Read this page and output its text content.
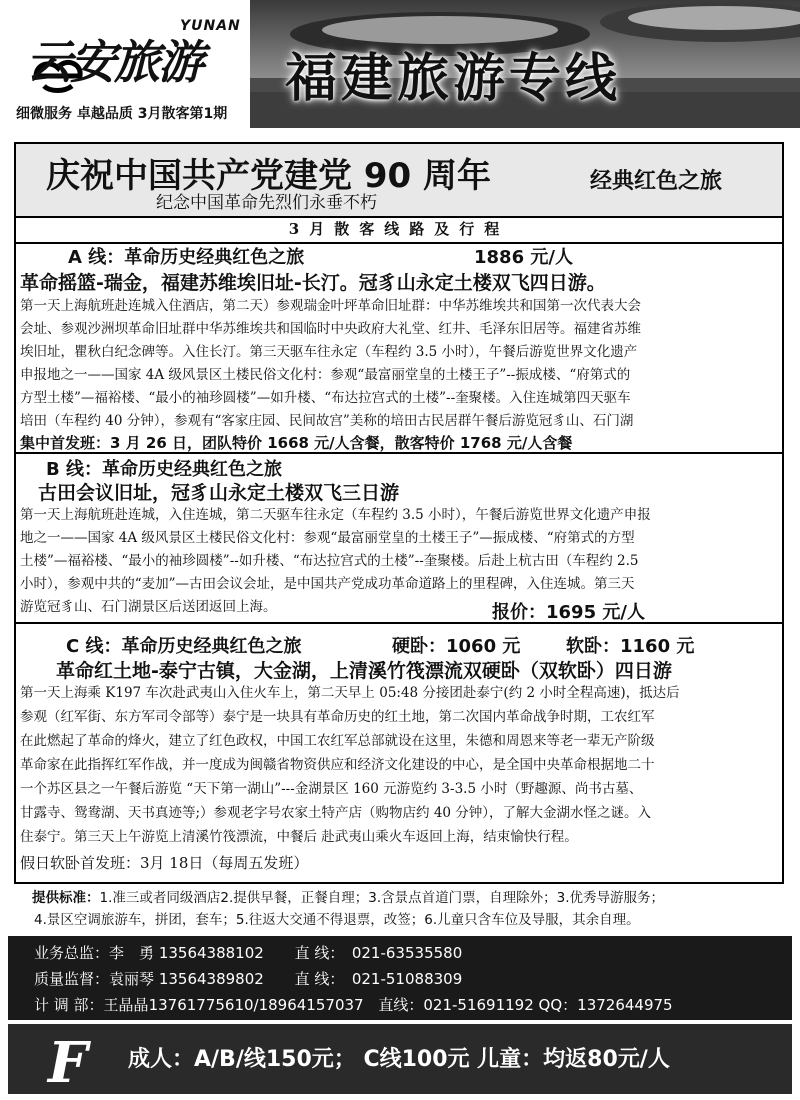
YUNAN
云安旅游
细微服务 卓越品质 3月散客第1期
福建旅游专线
庆祝中国共产党建党 90 周年
纪念中国革命先烈们永垂不朽
经典红色之旅
3月散客线路及行程
A 线：革命历史经典红色之旅	1886 元/人
革命摇篮-瑞金，福建苏维埃旧址-长汀。冠豸山永定土楼双飞四日游。
第一天上海航班赴连城入住酒店，第二天）参观瑞金叶坪革命旧址群：中华苏维埃共和国第一次代表大会
会址、参观沙洲坝革命旧址群中华苏维埃共和国临时中央政府大礼堂、红井、毛泽东旧居等。福建省苏维
埃旧址，瞿秋白纪念碑等。入住长汀。第三天驱车往永定（车程约 3.5 小时），午餐后游览世界文化遗产
申报地之一——国家 4A 级风景区土楼民俗文化村：参观“最富丽堂皇的土楼王子”--振成楼、“府第式的
方型土楼”—福裕楼、“最小的袖珍圆楼”—如升楼、“布达拉宫式的土楼”--奎聚楼。入住连城第四天驱车
培田（车程约 40 分钟），参观有“客家庄园、民间故宫”美称的培田古民居群午餐后游览冠豸山、石门湖
集中首发班：3 月 26 日，团队特价 1668 元/人含餐，散客特价 1768 元/人含餐
B 线：革命历史经典红色之旅
古田会议旧址，冠豸山永定土楼双飞三日游
第一天上海航班赴连城，入住连城，第二天驱车往永定（车程约 3.5 小时），午餐后游览世界文化遗产申报
地之一——国家 4A 级风景区土楼民俗文化村：参观“最富丽堂皇的土楼王子”—振成楼、“府第式的方型
土楼”—福裕楼、“最小的袖珍圆楼”--如升楼、“布达拉宫式的土楼”--奎聚楼。后赴上杭古田（车程约 2.5
小时），参观中共的“麦加”—古田会议会址，是中国共产党成功革命道路上的里程碑，入住连城。第三天
游览冠豸山、石门湖景区后送团返回上海。	报价：1695 元/人
C 线：革命历史经典红色之旅	硬卧：1060 元	软卧：1160 元
革命红土地-泰宁古镇，大金湖，上清溪竹筏漂流双硬卧（双软卧）四日游
第一天上海乘 K197 车次赴武夷山入住火车上，第二天早上 05:48 分接团赴泰宁(约 2 小时全程高速)，抵达后
参观（红军街、东方军司令部等）泰宁是一块具有革命历史的红土地，第二次国内革命战争时期，工农红军
在此燃起了革命的烽火，建立了红色政权，中国工农红军总部就设在这里，朱德和周恩来等老一辈无产阶级
革命家在此指挥红军作战，并一度成为闽赣省物资供应和经济文化建设的中心，是全国中央革命根据地二十
一个苏区县之一午餐后游览 “天下第一湖山”---金湖景区 160 元游览约 3-3.5 小时（野趣源、尚书古墓、
甘露寺、鸳鸯湖、天书真迹等;）参观老字号农家土特产店（购物店约 40 分钟），了解大金湖水怪之谜。入
住泰宁。第三天上午游览上清溪竹筏漂流，中餐后 赴武夷山乘火车返回上海，结束愉快行程。
假日软卧首发班：3月 18日（每周五发班）
提供标准：1.准三或者同级酒店2.提供早餐，正餐自理；3.含景点首道门票，自理除外；3.优秀导游服务；
4.景区空调旅游车，拼团，套车；5.往返大交通不得退票，改签；6.儿童只含车位及导服，其余自理。
业务总监：李　勇 13564388102 直 线：　021-63535580
质量监督：袁丽琴 13564389802 直 线：　021-51088309
计 调 部：王晶晶13761775610/18964157037 直线：021-51691192 QQ：1372644975
F 成人：A/B/线150元； C线100元 儿童：均返80元/人
